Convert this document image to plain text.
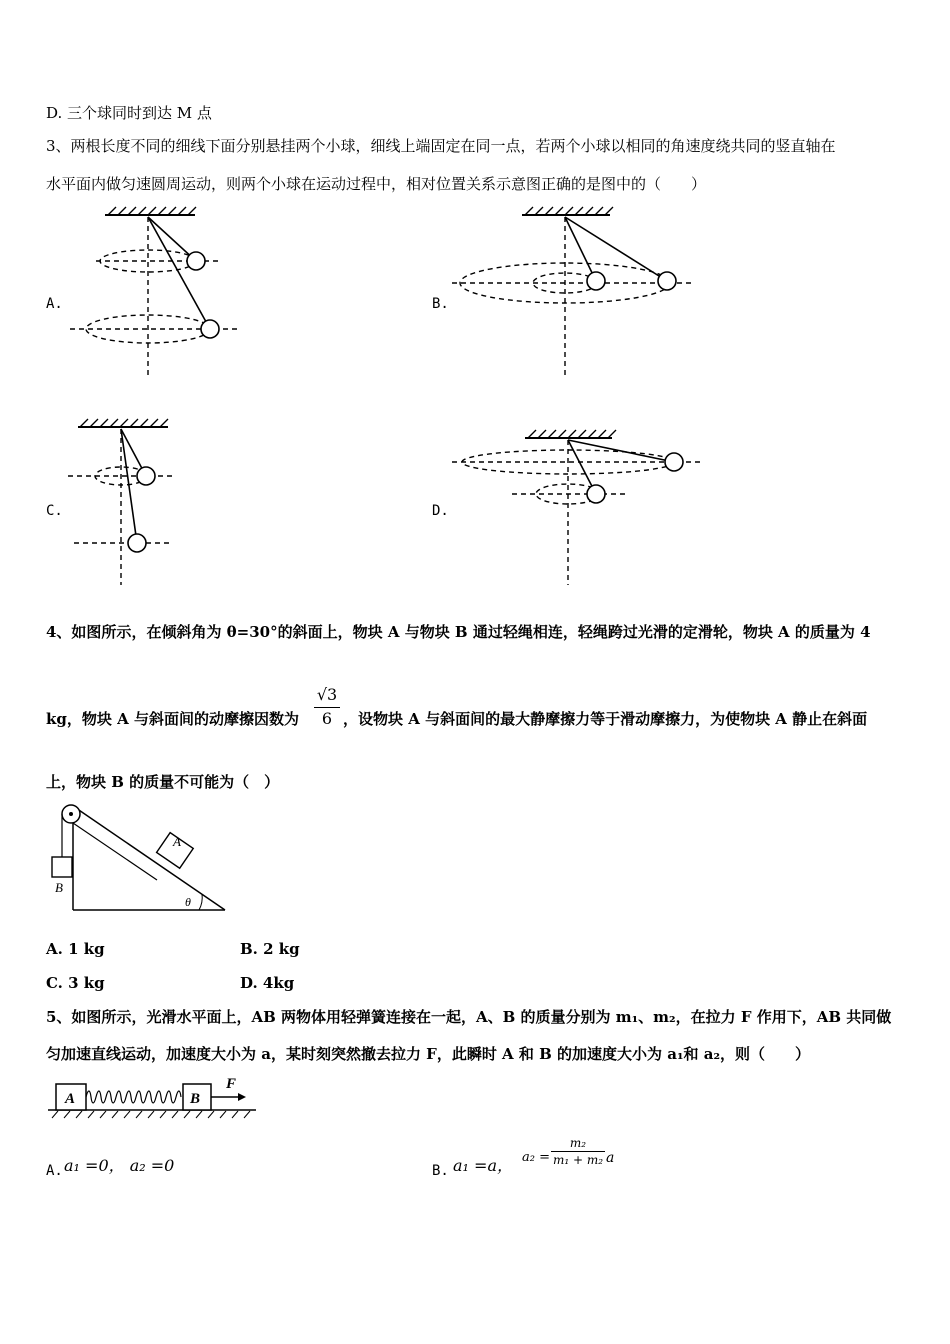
D. 三个球同时到达 M 点
3、两根长度不同的细线下面分别悬挂两个小球，细线上端固定在同一点，若两个小球以相同的角速度绕共同的竖直轴在
水平面内做匀速圆周运动，则两个小球在运动过程中，相对位置关系示意图正确的是图中的（　　）
A.	B.
C.	D.
4、如图所示，在倾斜角为 θ=30°的斜面上，物块 A 与物块 B 通过轻绳相连，轻绳跨过光滑的定滑轮，物块 A 的质量为 4
kg，物块 A 与斜面间的动摩擦因数为
√3
6 ，设物块 A 与斜面间的最大静摩擦力等于滑动摩擦力，为使物块 A 静止在斜面
上，物块 B 的质量不可能为（　）
B
A
θ
A. 1 kg	B. 2 kg
C. 3 kg	D. 4kg
5、如图所示，光滑水平面上，AB 两物体用轻弹簧连接在一起，A、B 的质量分别为 m₁、m₂，在拉力 F 作用下，AB 共同做
匀加速直线运动，加速度大小为 a，某时刻突然撤去拉力 F，此瞬时 A 和 B 的加速度大小为 a₁和 a₂，则（　　）
A	B
F
A. a₁ =0， a₂ =0	B. a₁ =a， a₂ =
m₂
m₁ + m₂ a
